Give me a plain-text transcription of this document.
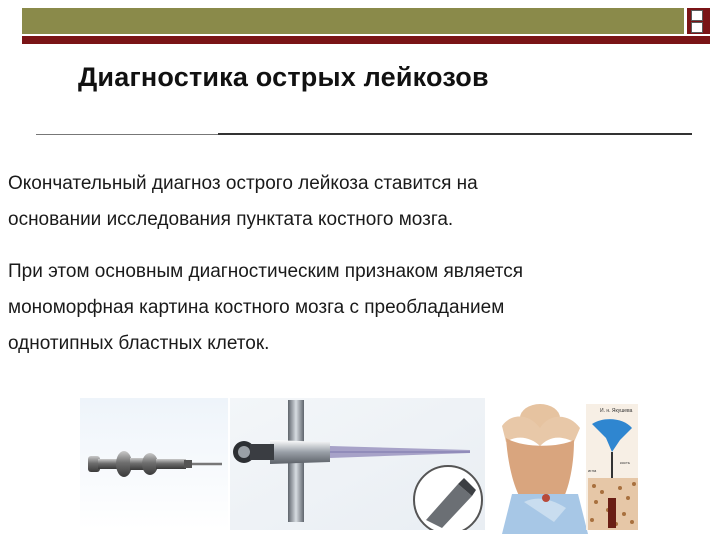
Диагностика острых лейкозов
Окончательный диагноз острого лейкоза ставится на
основании исследования пунктата костного мозга.
При этом основным диагностическим признаком является
мономорфная картина костного мозга с преобладанием
однотипных бластных клеток.
И. н. Якушева
игла
кость
